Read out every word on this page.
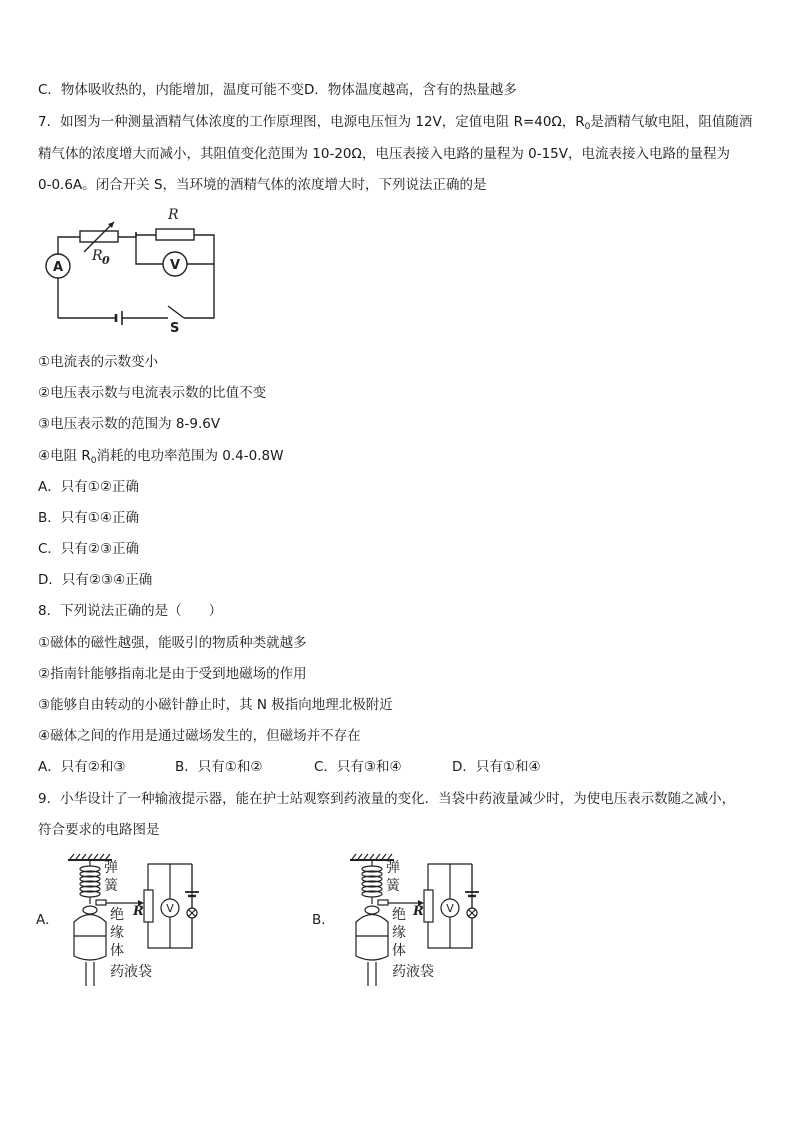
C．物体吸收热的，内能增加，温度可能不变D．物体温度越高，含有的热量越多
7．如图为一种测量酒精气体浓度的工作原理图，电源电压恒为 12V，定值电阻 R=40Ω，$R_0$是酒精气敏电阻，阻值随酒
精气体的浓度增大而减小，其阻值变化范围为 10-20Ω，电压表接入电路的量程为 0-15V，电流表接入电路的量程为
0-0.6A。闭合开关 S，当环境的酒精气体的浓度增大时，下列说法正确的是
A	V
R
R 0
S
①电流表的示数变小
②电压表示数与电流表示数的比值不变
③电压表示数的范围为 8-9.6V
④电阻 $R_0$消耗的电功率范围为 0.4-0.8W
A．只有①②正确
B．只有①④正确
C．只有②③正确
D．只有②③④正确
8．下列说法正确的是（　　）
①磁体的磁性越强，能吸引的物质种类就越多
②指南针能够指南北是由于受到地磁场的作用
③能够自由转动的小磁针静止时，其 N 极指向地理北极附近
④磁体之间的作用是通过磁场发生的，但磁场并不存在
A．只有②和③	B．只有①和②	C．只有③和④	D．只有①和④
9．小华设计了一种输液提示器，能在护士站观察到药液量的变化．当袋中药液量减少时，为使电压表示数随之减小，
符合要求的电路图是
A．
V
R
弹
簧
绝
缘
体
药液袋
B．
V
R
弹
簧
绝
缘
体
药液袋
